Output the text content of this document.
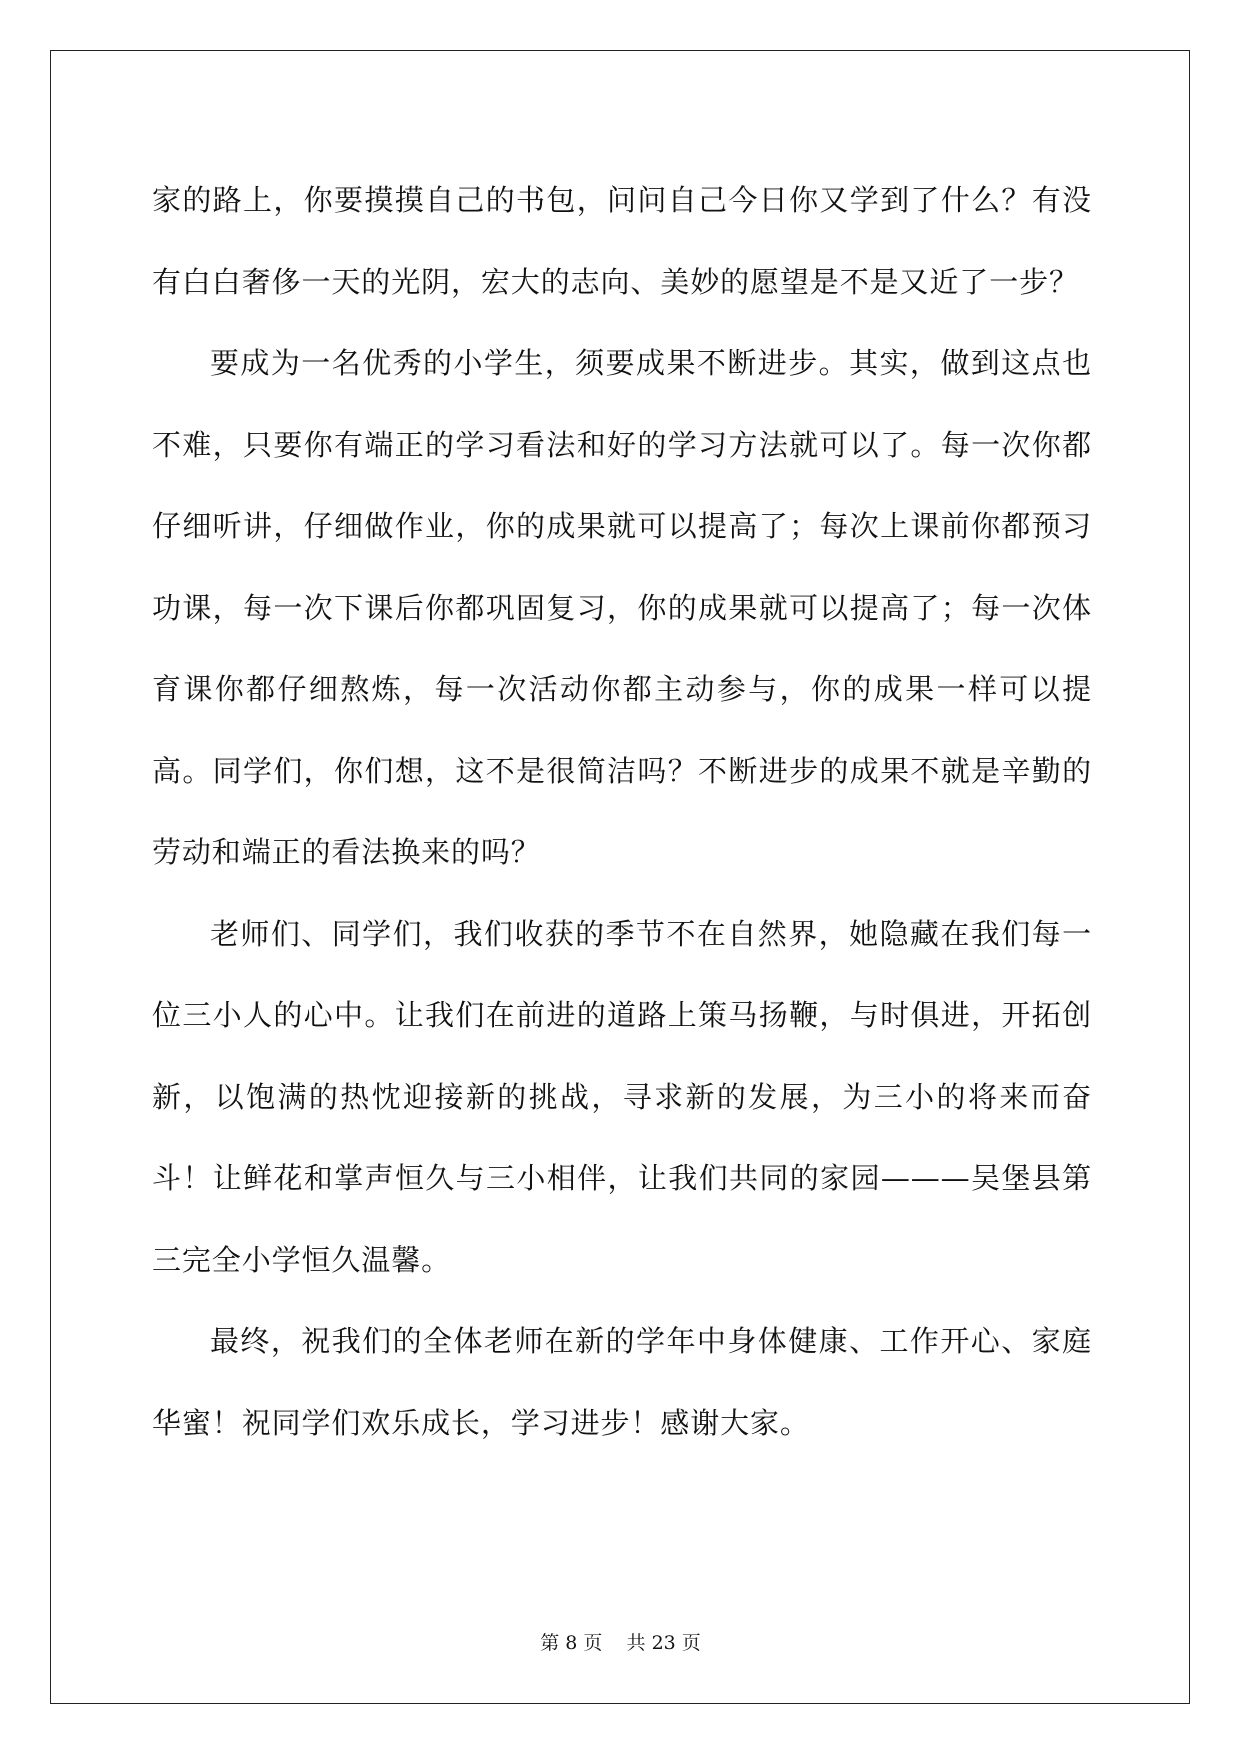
家的路上，你要摸摸自己的书包，问问自己今日你又学到了什么？有没有白白奢侈一天的光阴，宏大的志向、美妙的愿望是不是又近了一步？

要成为一名优秀的小学生，须要成果不断进步。其实，做到这点也不难，只要你有端正的学习看法和好的学习方法就可以了。每一次你都仔细听讲，仔细做作业，你的成果就可以提高了；每次上课前你都预习功课，每一次下课后你都巩固复习，你的成果就可以提高了；每一次体育课你都仔细熬炼，每一次活动你都主动参与，你的成果一样可以提高。同学们，你们想，这不是很简洁吗？不断进步的成果不就是辛勤的劳动和端正的看法换来的吗？

老师们、同学们，我们收获的季节不在自然界，她隐藏在我们每一位三小人的心中。让我们在前进的道路上策马扬鞭，与时俱进，开拓创新，以饱满的热忱迎接新的挑战，寻求新的发展，为三小的将来而奋斗！让鲜花和掌声恒久与三小相伴，让我们共同的家园———吴堡县第三完全小学恒久温馨。

最终，祝我们的全体老师在新的学年中身体健康、工作开心、家庭华蜜！祝同学们欢乐成长，学习进步！感谢大家。

第 8 页    共 23 页
